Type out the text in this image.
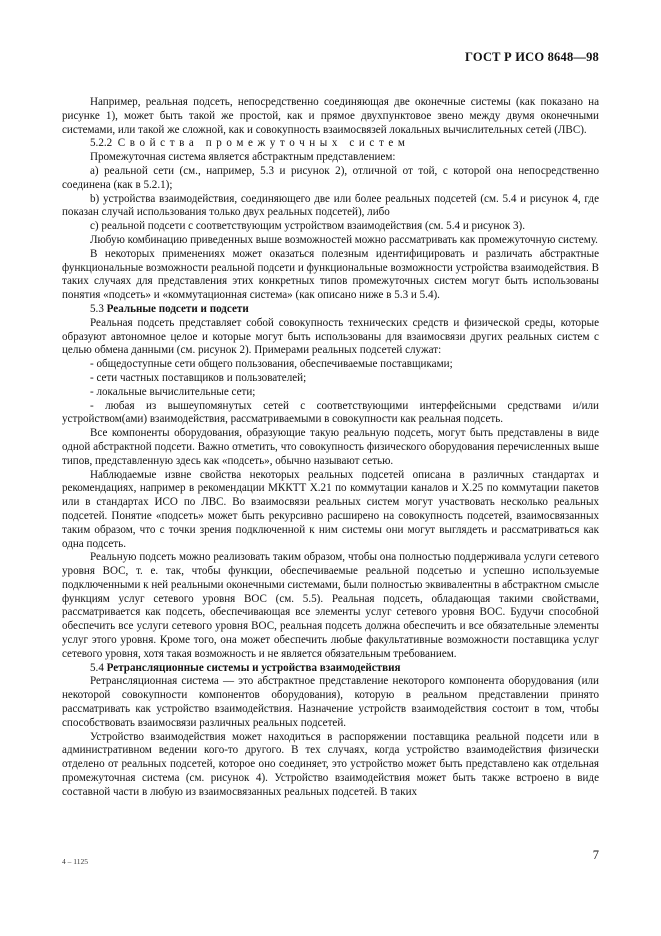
ГОСТ Р ИСО 8648—98

Например, реальная подсеть, непосредственно соединяющая две оконечные системы (как показано на рисунке 1), может быть такой же простой, как и прямое двухпунктовое звено между двумя оконечными системами, или такой же сложной, как и совокупность взаимосвязей локальных вычислительных сетей (ЛВС).

5.2.2 Свойства промежуточных систем

Промежуточная система является абстрактным представлением:

а) реальной сети (см., например, 5.3 и рисунок 2), отличной от той, с которой она непосредственно соединена (как в 5.2.1);

b) устройства взаимодействия, соединяющего две или более реальных подсетей (см. 5.4 и рисунок 4, где показан случай использования только двух реальных подсетей), либо

с) реальной подсети с соответствующим устройством взаимодействия (см. 5.4 и рисунок 3).

Любую комбинацию приведенных выше возможностей можно рассматривать как промежуточную систему.

В некоторых применениях может оказаться полезным идентифицировать и различать абстрактные функциональные возможности реальной подсети и функциональные возможности устройства взаимодействия. В таких случаях для представления этих конкретных типов промежуточных систем могут быть использованы понятия «подсеть» и «коммутационная система» (как описано ниже в 5.3 и 5.4).

5.3 Реальные подсети и подсети

Реальная подсеть представляет собой совокупность технических средств и физической среды, которые образуют автономное целое и которые могут быть использованы для взаимосвязи других реальных систем с целью обмена данными (см. рисунок 2). Примерами реальных подсетей служат:

- общедоступные сети общего пользования, обеспечиваемые поставщиками;

- сети частных поставщиков и пользователей;

- локальные вычислительные сети;

- любая из вышеупомянутых сетей с соответствующими интерфейсными средствами и/или устройством(ами) взаимодействия, рассматриваемыми в совокупности как реальная подсеть.

Все компоненты оборудования, образующие такую реальную подсеть, могут быть представлены в виде одной абстрактной подсети. Важно отметить, что совокупность физического оборудования перечисленных выше типов, представленную здесь как «подсеть», обычно называют сетью.

Наблюдаемые извне свойства некоторых реальных подсетей описана в различных стандартах и рекомендациях, например в рекомендации МККТТ X.21 по коммутации каналов и X.25 по коммутации пакетов или в стандартах ИСО по ЛВС. Во взаимосвязи реальных систем могут участвовать несколько реальных подсетей. Понятие «подсеть» может быть рекурсивно расширено на совокупность подсетей, взаимосвязанных таким образом, что с точки зрения подключенной к ним системы они могут выглядеть и рассматриваться как одна подсеть.

Реальную подсеть можно реализовать таким образом, чтобы она полностью поддерживала услуги сетевого уровня ВОС, т. е. так, чтобы функции, обеспечиваемые реальной подсетью и успешно используемые подключенными к ней реальными оконечными системами, были полностью эквивалентны в абстрактном смысле функциям услуг сетевого уровня ВОС (см. 5.5). Реальная подсеть, обладающая такими свойствами, рассматривается как подсеть, обеспечивающая все элементы услуг сетевого уровня ВОС. Будучи способной обеспечить все услуги сетевого уровня ВОС, реальная подсеть должна обеспечить и все обязательные элементы услуг этого уровня. Кроме того, она может обеспечить любые факультативные возможности поставщика услуг сетевого уровня, хотя такая возможность и не является обязательным требованием.

5.4 Ретрансляционные системы и устройства взаимодействия

Ретрансляционная система — это абстрактное представление некоторого компонента оборудования (или некоторой совокупности компонентов оборудования), которую в реальном представлении принято рассматривать как устройство взаимодействия. Назначение устройств взаимодействия состоит в том, чтобы способствовать взаимосвязи различных реальных подсетей.

Устройство взаимодействия может находиться в распоряжении поставщика реальной подсети или в административном ведении кого-то другого. В тех случаях, когда устройство взаимодействия физически отделено от реальных подсетей, которое оно соединяет, это устройство может быть представлено как отдельная промежуточная система (см. рисунок 4). Устройство взаимодействия может быть также встроено в виде составной части в любую из взаимосвязанных реальных подсетей. В таких

4 – 1125	7
